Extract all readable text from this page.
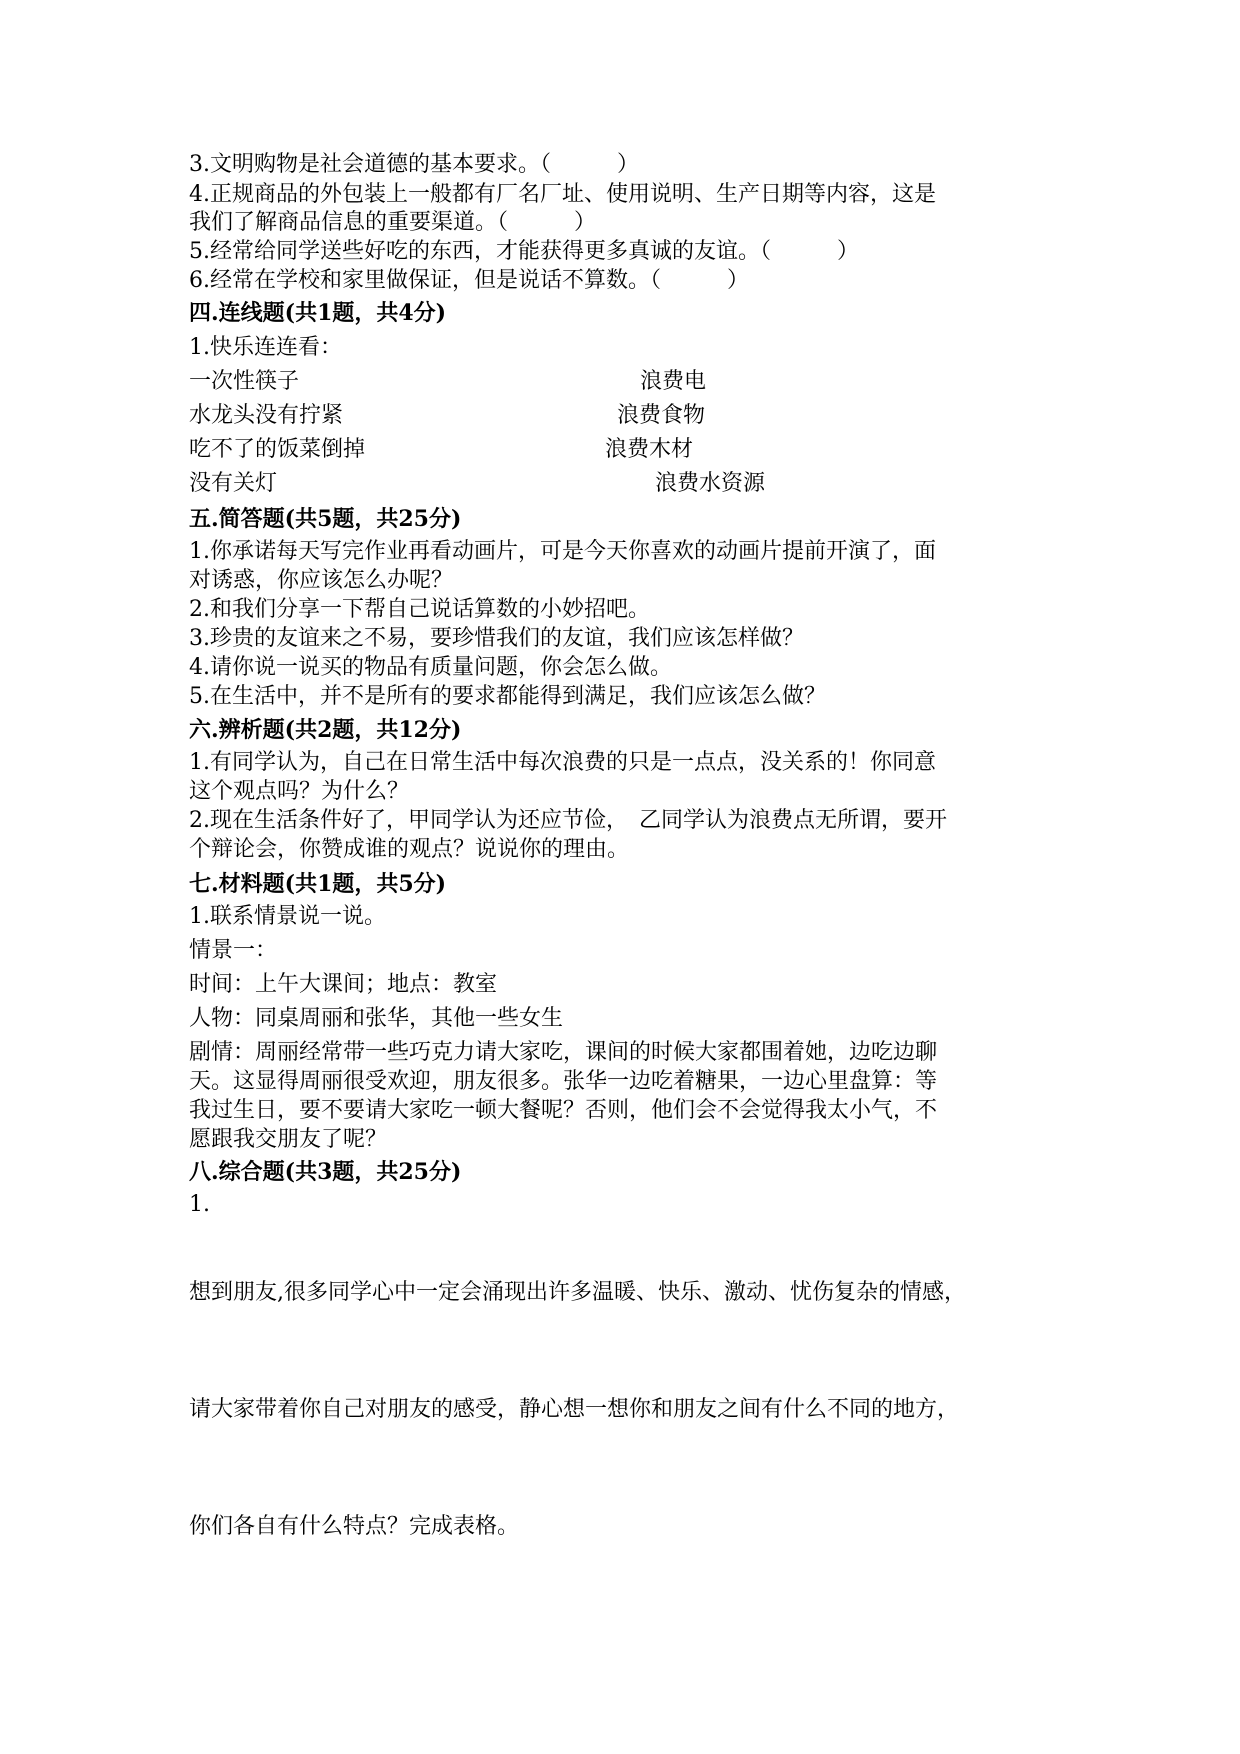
3.文明购物是社会道德的基本要求。（　　　）
4.正规商品的外包装上一般都有厂名厂址、使用说明、生产日期等内容，这是
我们了解商品信息的重要渠道。（　　　）
5.经常给同学送些好吃的东西，才能获得更多真诚的友谊。（　　　）
6.经常在学校和家里做保证，但是说话不算数。（　　　）
四.连线题(共1题，共4分)
1.快乐连连看：
一次性筷子	浪费电
水龙头没有拧紧	浪费食物
吃不了的饭菜倒掉	浪费木材
没有关灯	浪费水资源
五.简答题(共5题，共25分)
1.你承诺每天写完作业再看动画片，可是今天你喜欢的动画片提前开演了，面
对诱惑，你应该怎么办呢？
2.和我们分享一下帮自己说话算数的小妙招吧。
3.珍贵的友谊来之不易，要珍惜我们的友谊，我们应该怎样做？
4.请你说一说买的物品有质量问题，你会怎么做。
5.在生活中，并不是所有的要求都能得到满足，我们应该怎么做？
六.辨析题(共2题，共12分)
1.有同学认为，自己在日常生活中每次浪费的只是一点点，没关系的！你同意
这个观点吗？为什么？
2.现在生活条件好了，甲同学认为还应节俭，　乙同学认为浪费点无所谓，要开
个辩论会，你赞成谁的观点？说说你的理由。
七.材料题(共1题，共5分)
1.联系情景说一说。
情景一：
时间：上午大课间；地点：教室
人物：同桌周丽和张华，其他一些女生
剧情：周丽经常带一些巧克力请大家吃，课间的时候大家都围着她，边吃边聊
天。这显得周丽很受欢迎，朋友很多。张华一边吃着糖果，一边心里盘算：等
我过生日，要不要请大家吃一顿大餐呢？否则，他们会不会觉得我太小气，不
愿跟我交朋友了呢？
八.综合题(共3题，共25分)
1.
想到朋友,很多同学心中一定会涌现出许多温暖、快乐、激动、忧伤复杂的情感，
请大家带着你自己对朋友的感受，静心想一想你和朋友之间有什么不同的地方，
你们各自有什么特点？完成表格。
